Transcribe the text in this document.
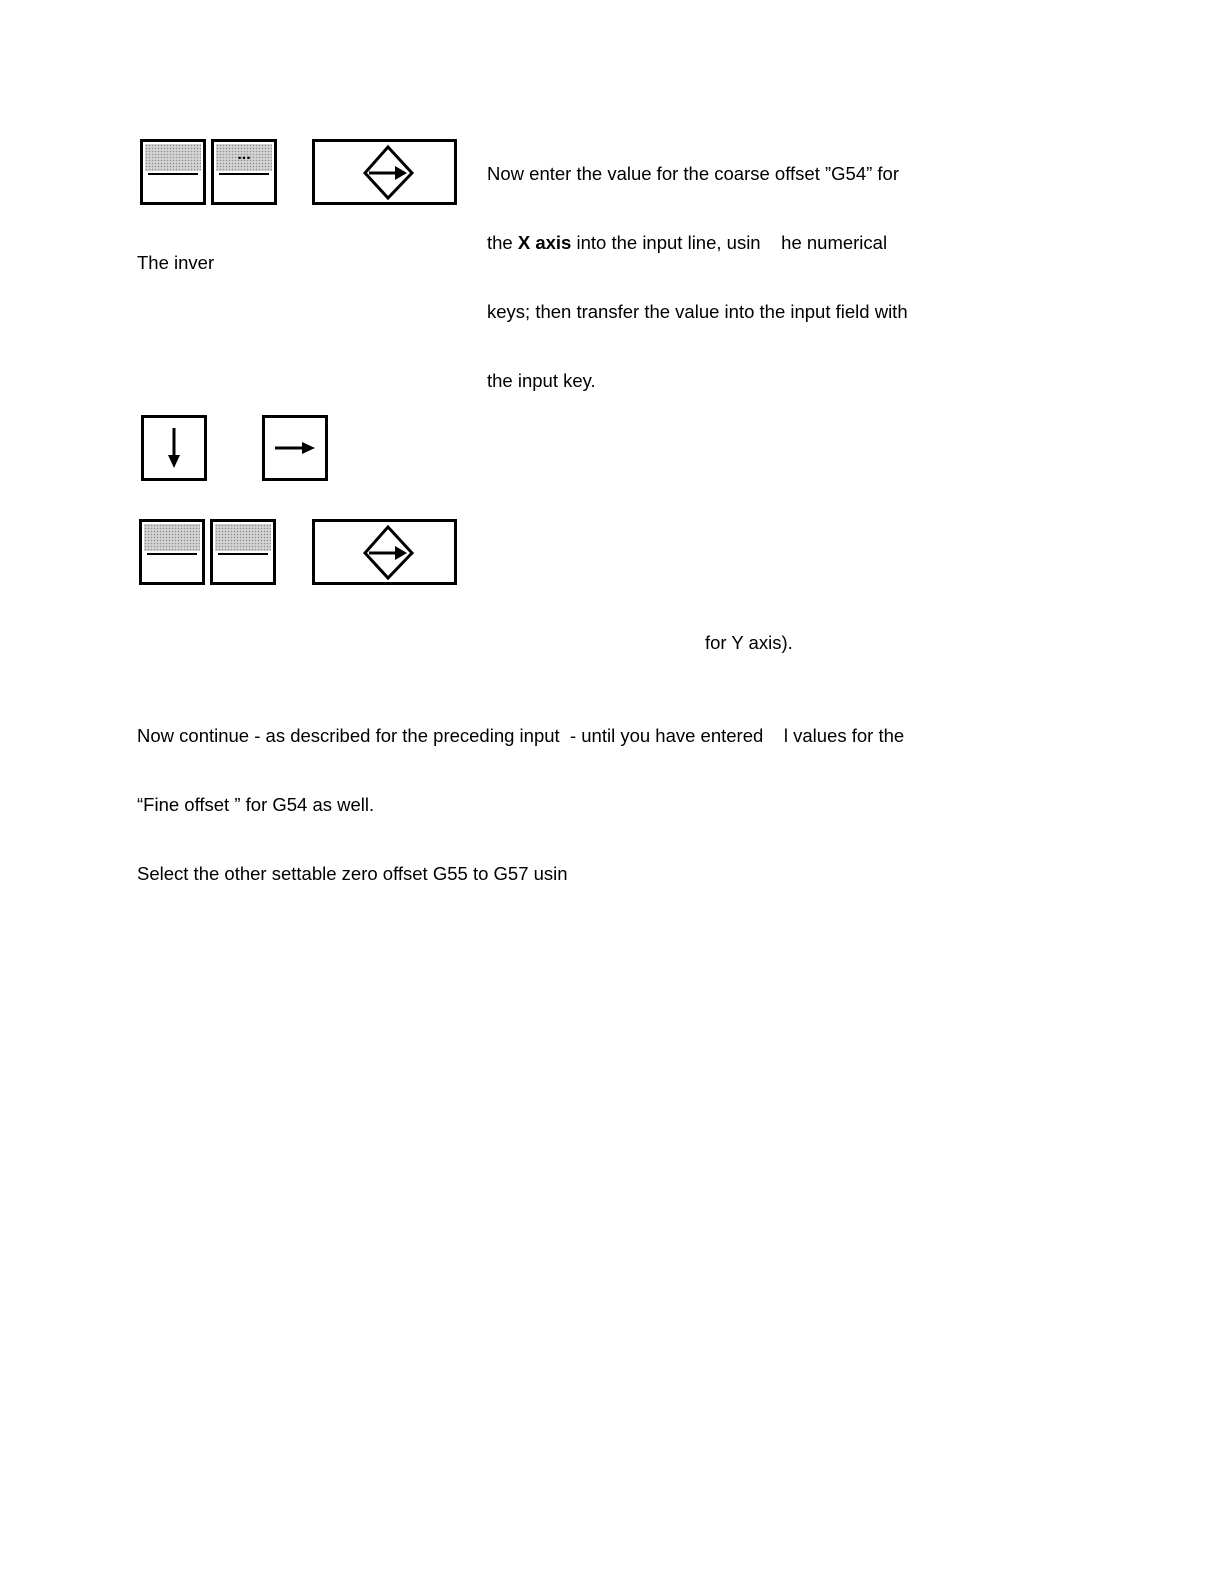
...

Now enter the value for the coarse offset ”G54” for

the X axis into the input line, usin    he numerical

keys; then transfer the value into the input field with

the input key.

The inver
for Y axis).

Now continue - as described for the preceding input  - until you have entered    l values for the

“Fine offset ” for G54 as well.

Select the other settable zero offset G55 to G57 usin
